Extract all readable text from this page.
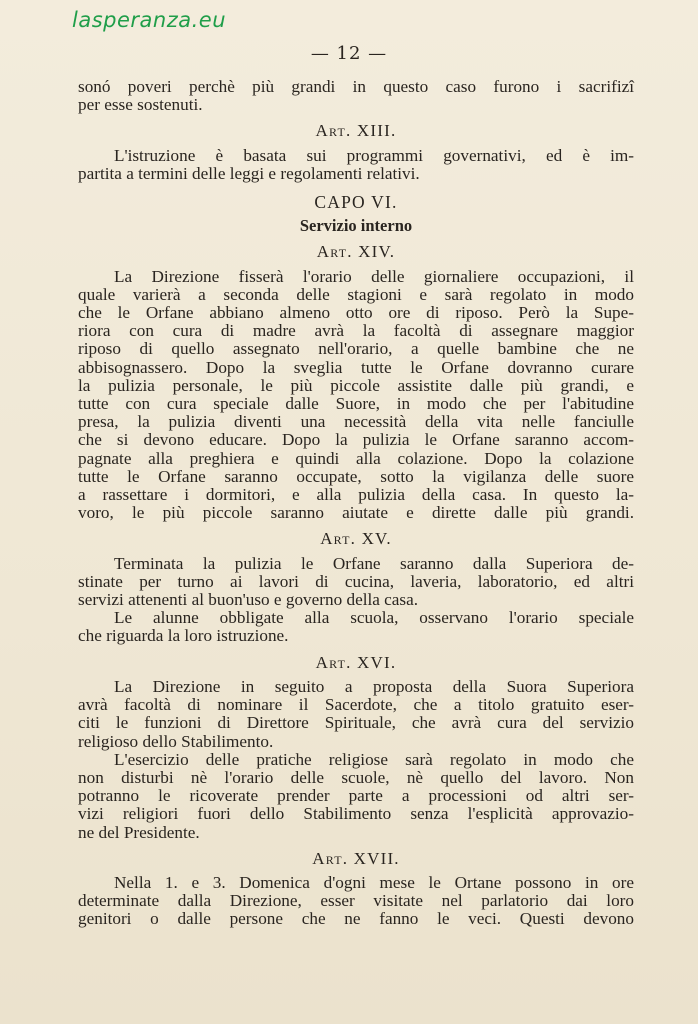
lasperanza.eu
— 12 —
sonó poveri perchè più grandi in questo caso furono i sacrifizî
per esse sostenuti.
Art. XIII.
L'istruzione è basata sui programmi governativi, ed è im-
partita a termini delle leggi e regolamenti relativi.
CAPO VI.
Servizio interno
Art. XIV.
La Direzione fisserà l'orario delle giornaliere occupazioni, il
quale varierà a seconda delle stagioni e sarà regolato in modo
che le Orfane abbiano almeno otto ore di riposo. Però la Supe-
riora con cura di madre avrà la facoltà di assegnare maggior
riposo di quello assegnato nell'orario, a quelle bambine che ne
abbisognassero. Dopo la sveglia tutte le Orfane dovranno curare
la pulizia personale, le più piccole assistite dalle più grandi, e
tutte con cura speciale dalle Suore, in modo che per l'abitudine
presa, la pulizia diventi una necessità della vita nelle fanciulle
che si devono educare. Dopo la pulizia le Orfane saranno accom-
pagnate alla preghiera e quindi alla colazione. Dopo la colazione
tutte le Orfane saranno occupate, sotto la vigilanza delle suore
a rassettare i dormitori, e alla pulizia della casa. In questo la-
voro, le più piccole saranno aiutate e dirette dalle più grandi.
Art. XV.
Terminata la pulizia le Orfane saranno dalla Superiora de-
stinate per turno ai lavori di cucina, laveria, laboratorio, ed altri
servizi attenenti al buon'uso e governo della casa.
Le alunne obbligate alla scuola, osservano l'orario speciale
che riguarda la loro istruzione.
Art. XVI.
La Direzione in seguito a proposta della Suora Superiora
avrà facoltà di nominare il Sacerdote, che a titolo gratuito eser-
citi le funzioni di Direttore Spirituale, che avrà cura del servizio
religioso dello Stabilimento.
L'esercizio delle pratiche religiose sarà regolato in modo che
non disturbi nè l'orario delle scuole, nè quello del lavoro. Non
potranno le ricoverate prender parte a processioni od altri ser-
vizi religiori fuori dello Stabilimento senza l'esplicità approvazio-
ne del Presidente.
Art. XVII.
Nella 1. e 3. Domenica d'ogni mese le Ortane possono in ore
determinate dalla Direzione, esser visitate nel parlatorio dai loro
genitori o dalle persone che ne fanno le veci. Questi devono
